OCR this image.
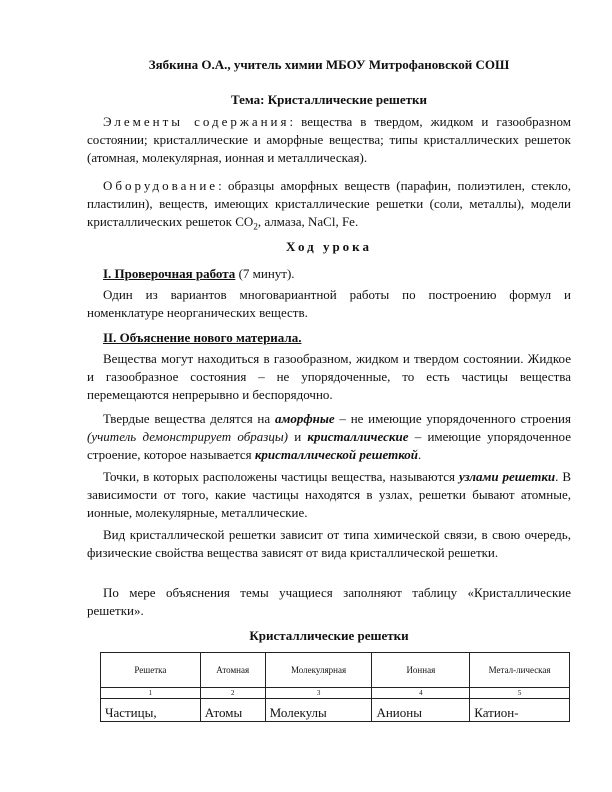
Зябкина О.А., учитель химии МБОУ Митрофановской СОШ
Тема: Кристаллические решетки
Элементы содержания: вещества в твердом, жидком и газообразном состоянии; кристаллические и аморфные вещества; типы кристаллических решеток (атомная, молекулярная, ионная и металлическая).
Оборудование: образцы аморфных веществ (парафин, полиэтилен, стекло, пластилин), веществ, имеющих кристаллические решетки (соли, металлы), модели кристаллических решеток $СО_2$, алмаза, NaCl, Fe.
Ход урока
I. Проверочная работа (7 минут).
Один из вариантов многовариантной работы по построению формул и номенклатуре неорганических веществ.
II. Объяснение нового материала.
Вещества могут находиться в газообразном, жидком и твердом состоянии. Жидкое и газообразное состояния – не упорядоченные, то есть частицы вещества перемещаются непрерывно и беспорядочно.
Твердые вещества делятся на аморфные – не имеющие упорядоченного строения (учитель демонстрирует образцы) и кристаллические – имеющие упорядоченное строение, которое называется кристаллической решеткой.
Точки, в которых расположены частицы вещества, называются узлами решетки. В зависимости от того, какие частицы находятся в узлах, решетки бывают атомные, ионные, молекулярные, металлические.
Вид кристаллической решетки зависит от типа химической связи, в свою очередь, физические свойства вещества зависят от вида кристаллической решетки.
По мере объяснения темы учащиеся заполняют таблицу «Кристаллические решетки».
Кристаллические решетки
Решетка	Атомная	Молекулярная	Ионная	Метал-лическая
1	2	3	4	5
Частицы,	Атомы	Молекулы	Анионы	Катион-
